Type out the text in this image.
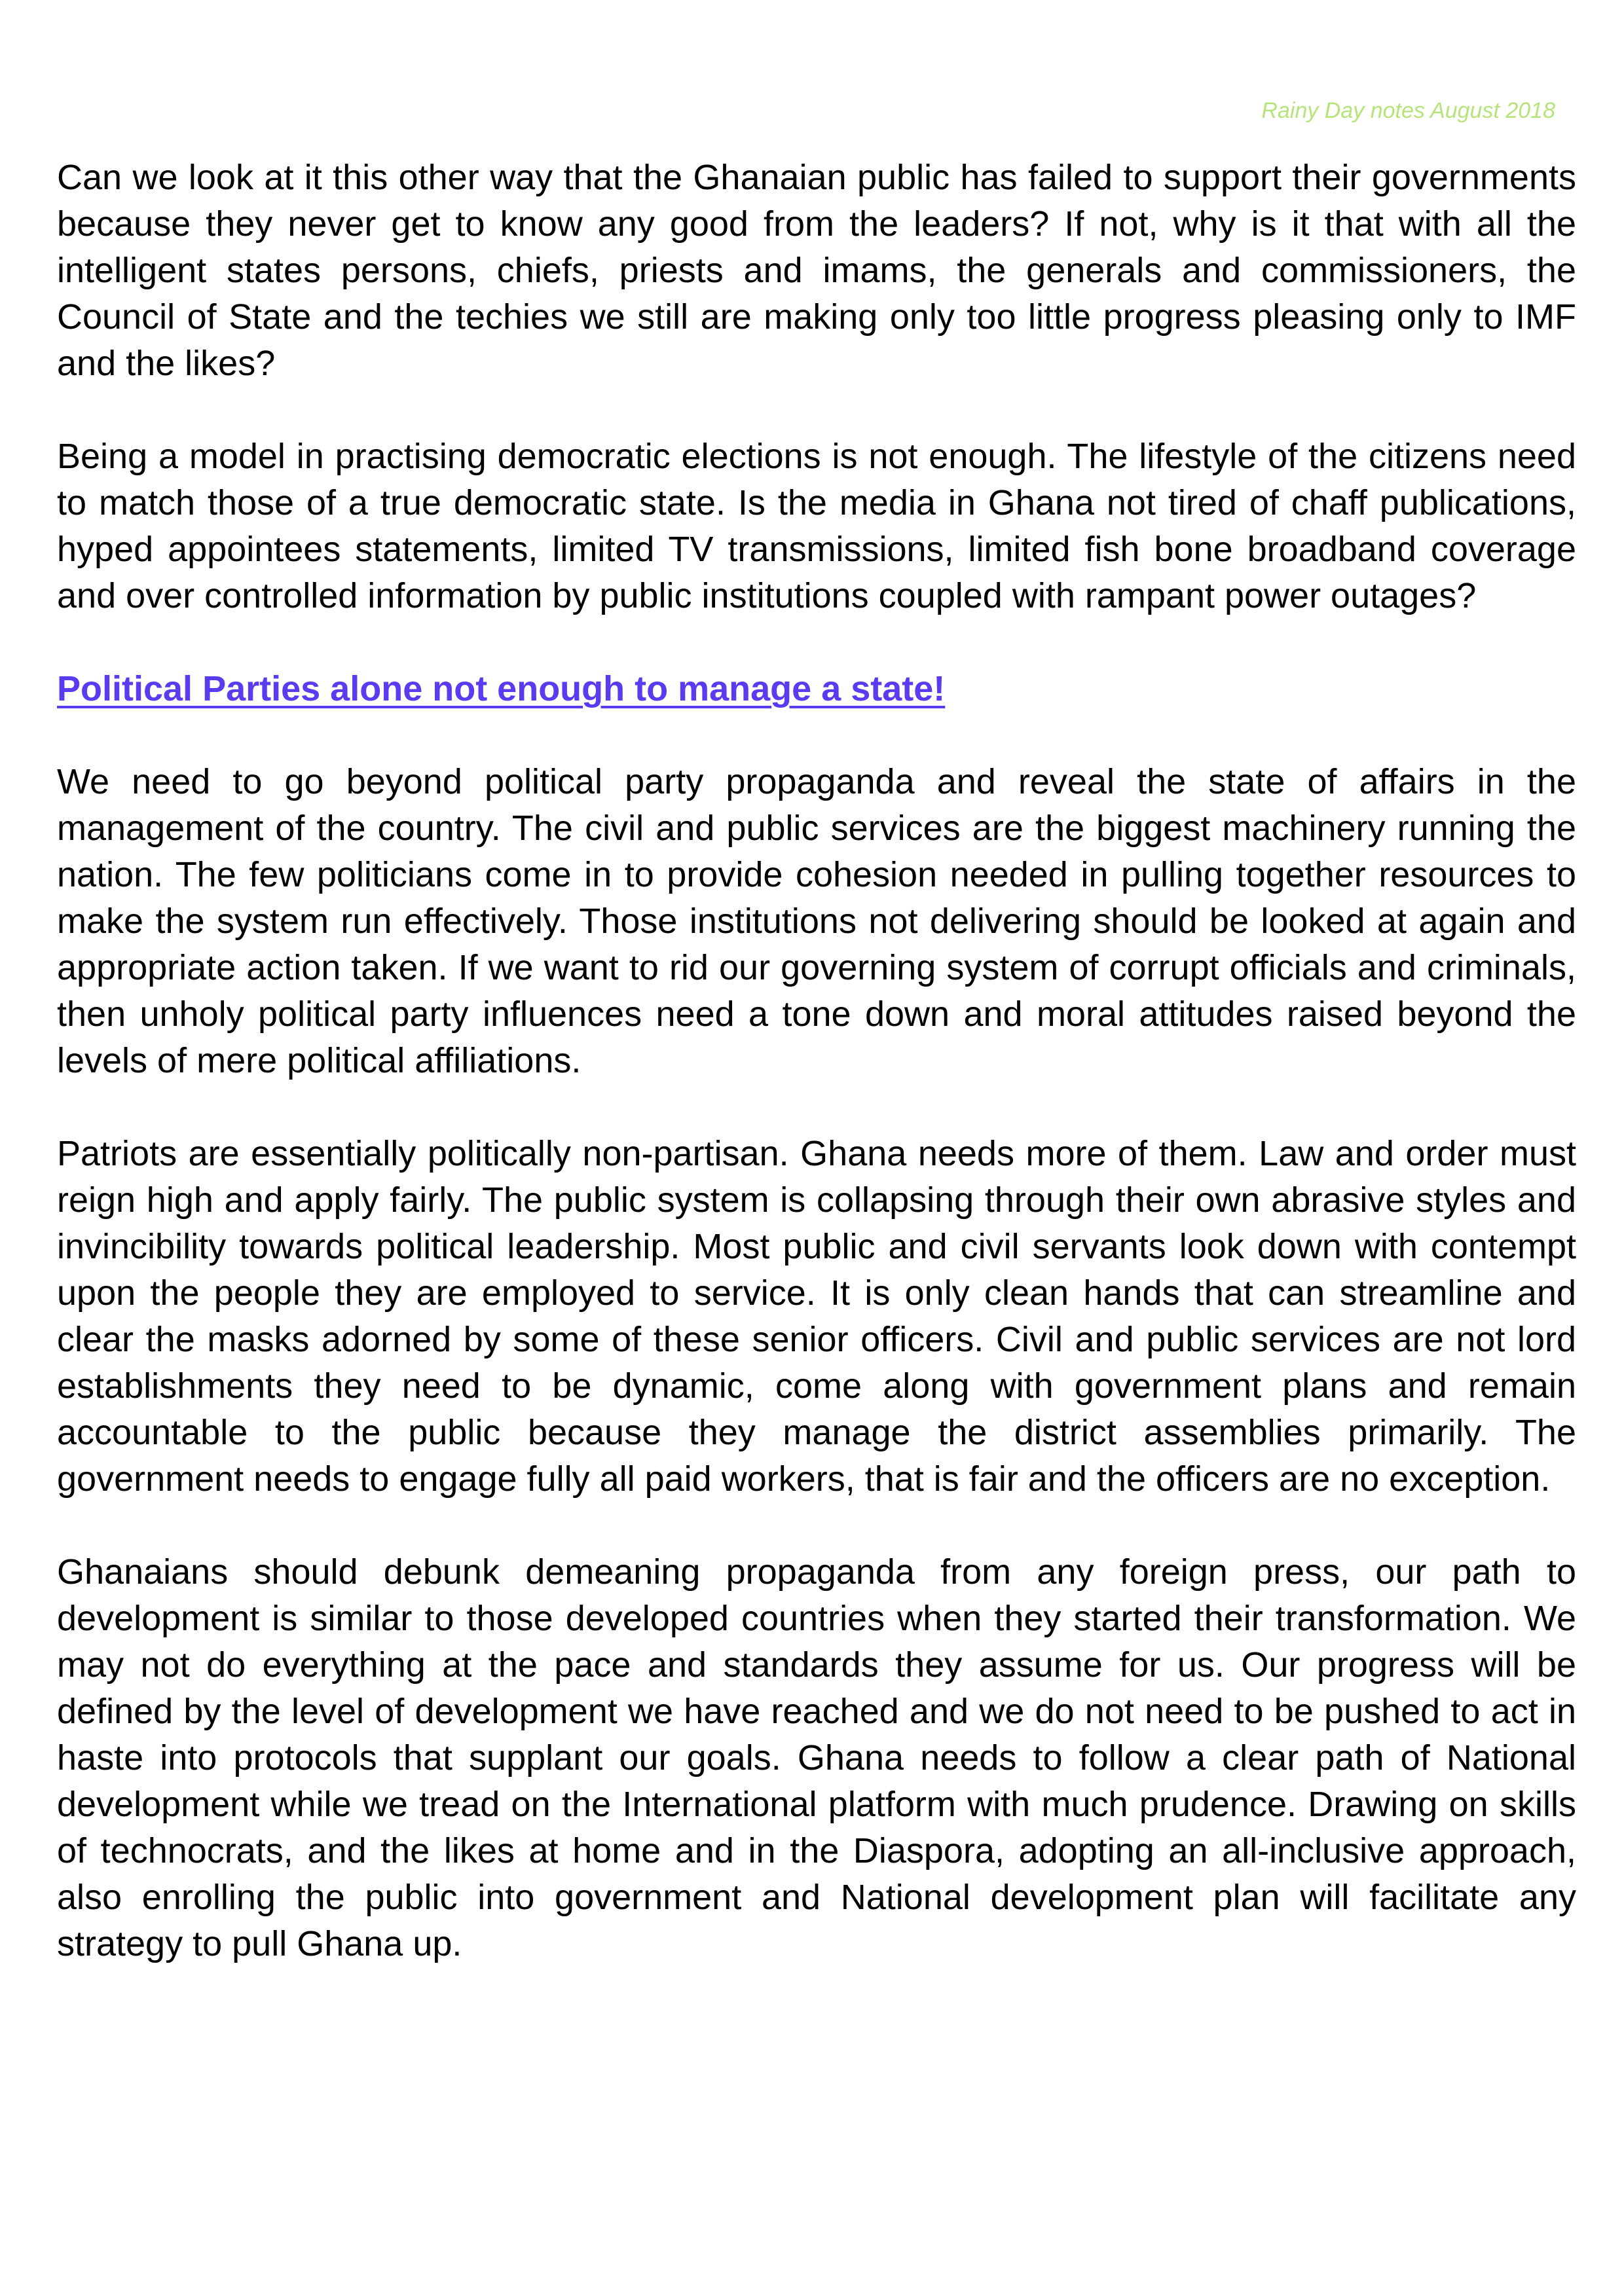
Rainy Day notes August 2018

Can we look at it this other way that the Ghanaian public has failed to support their governments because they never get to know any good from the leaders? If not, why is it that with all the intelligent states persons, chiefs, priests and imams, the generals and commissioners, the Council of State and the techies we still are making only too little progress pleasing only to IMF and the likes?

Being a model in practising democratic elections is not enough. The lifestyle of the citizens need to match those of a true democratic state. Is the media in Ghana not tired of chaff publications, hyped appointees statements, limited TV transmissions, limited fish bone broadband coverage and over controlled information by public institutions coupled with rampant power outages?

Political Parties alone not enough to manage a state!

We need to go beyond political party propaganda and reveal the state of affairs in the management of the country. The civil and public services are the biggest machinery running the nation. The few politicians come in to provide cohesion needed in pulling together resources to make the system run effectively. Those institutions not delivering should be looked at again and appropriate action taken. If we want to rid our governing system of corrupt officials and criminals, then unholy political party influences need a tone down and moral attitudes raised beyond the levels of mere political affiliations.

Patriots are essentially politically non-partisan. Ghana needs more of them. Law and order must reign high and apply fairly. The public system is collapsing through their own abrasive styles and invincibility towards political leadership. Most public and civil servants look down with contempt upon the people they are employed to service. It is only clean hands that can streamline and clear the masks adorned by some of these senior officers. Civil and public services are not lord establishments they need to be dynamic, come along with government plans and remain accountable to the public because they manage the district assemblies primarily. The government needs to engage fully all paid workers, that is fair and the officers are no exception.

Ghanaians should debunk demeaning propaganda from any foreign press, our path to development is similar to those developed countries when they started their transformation. We may not do everything at the pace and standards they assume for us. Our progress will be defined by the level of development we have reached and we do not need to be pushed to act in haste into protocols that supplant our goals. Ghana needs to follow a clear path of National development while we tread on the International platform with much prudence. Drawing on skills of technocrats, and the likes at home and in the Diaspora, adopting an all-inclusive approach, also enrolling the public into government and National development plan will facilitate any strategy to pull Ghana up.
